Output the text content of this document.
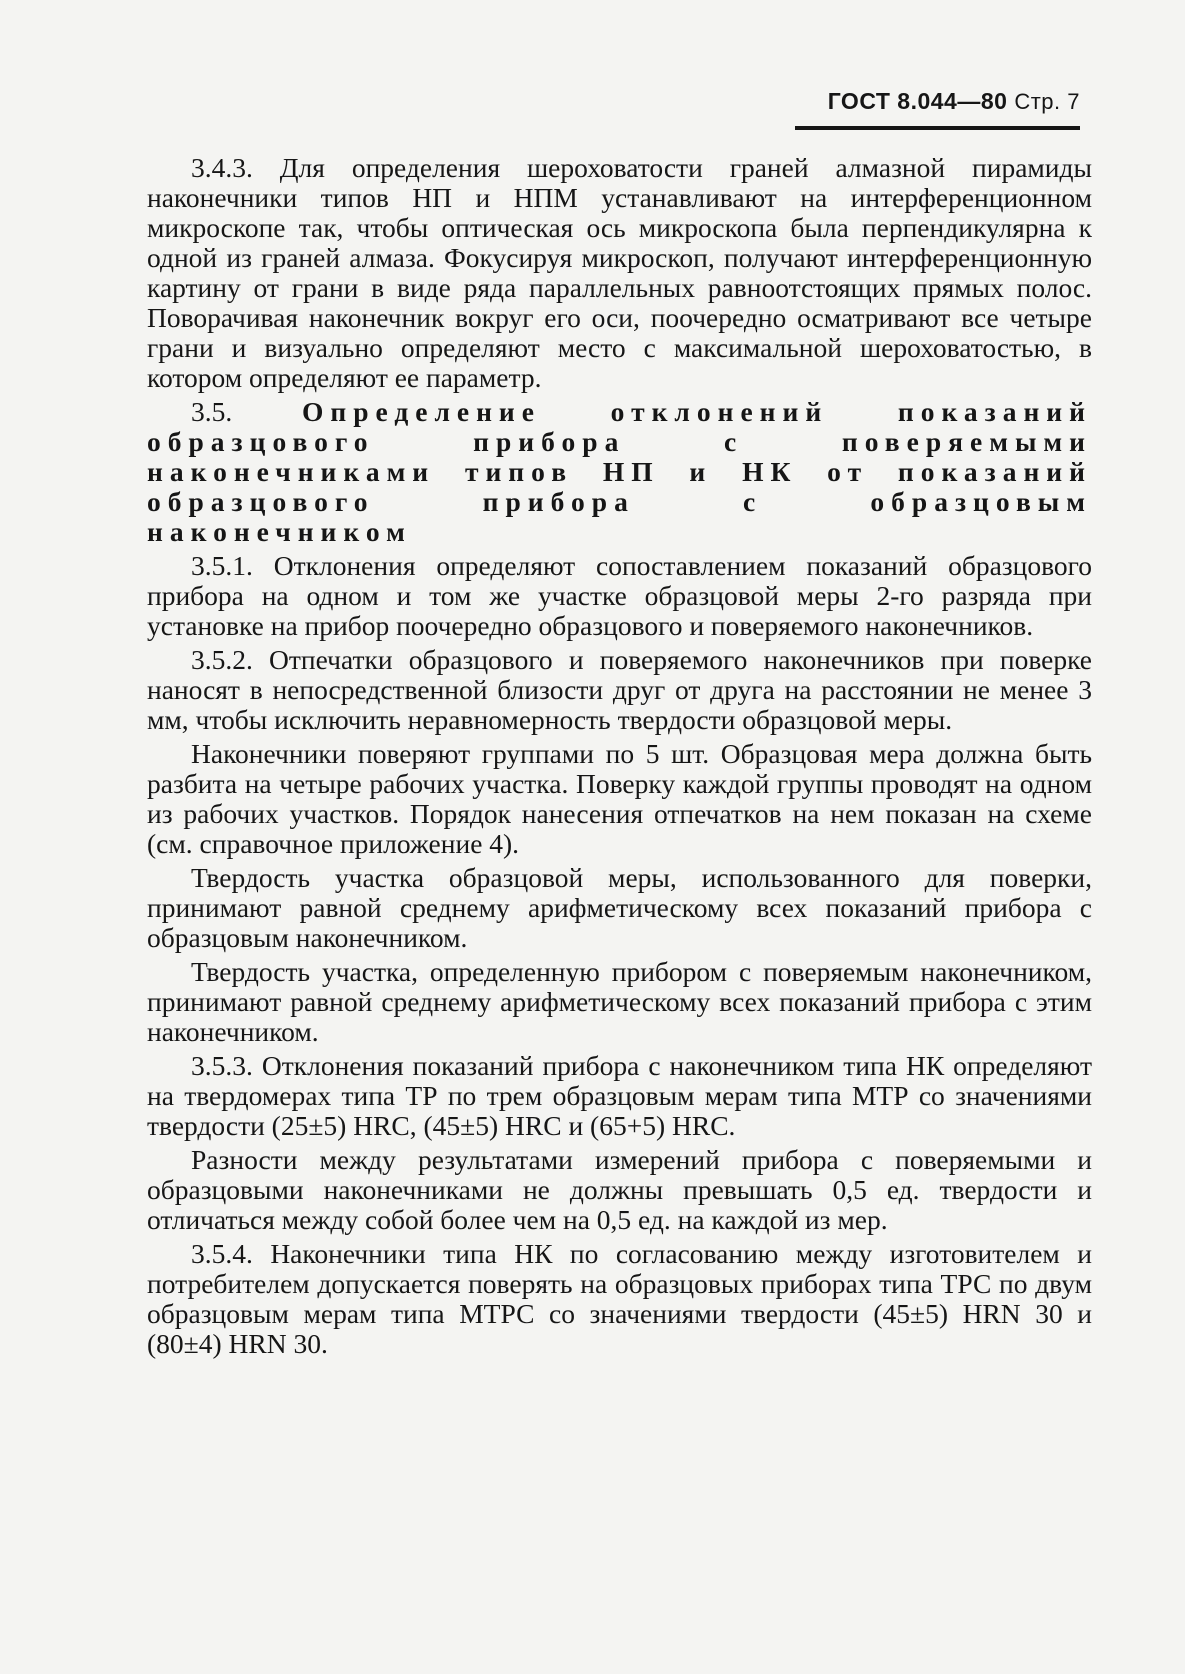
ГОСТ 8.044—80 Стр. 7

3.4.3. Для определения шероховатости граней алмазной пирамиды наконечники типов НП и НПМ устанавливают на интерференционном микроскопе так, чтобы оптическая ось микроскопа была перпендикулярна к одной из граней алмаза. Фокусируя микроскоп, получают интерференционную картину от грани в виде ряда параллельных равноотстоящих прямых полос. Поворачивая наконечник вокруг его оси, поочередно осматривают все четыре грани и визуально определяют место с максимальной шероховатостью, в котором определяют ее параметр.

3.5.	Определение отклонений показаний образцового прибора с поверяемыми наконечниками типов НП и НК от показаний образцового прибора с образцовым наконечником

3.5.1. Отклонения определяют сопоставлением показаний образцового прибора на одном и том же участке образцовой меры 2-го разряда при установке на прибор поочередно образцового и поверяемого наконечников.

3.5.2. Отпечатки образцового и поверяемого наконечников при поверке наносят в непосредственной близости друг от друга на расстоянии не менее 3 мм, чтобы исключить неравномерность твердости образцовой меры.

Наконечники поверяют группами по 5 шт. Образцовая мера должна быть разбита на четыре рабочих участка. Поверку каждой группы проводят на одном из рабочих участков. Порядок нанесения отпечатков на нем показан на схеме (см. справочное приложение 4).

Твердость участка образцовой меры, использованного для поверки, принимают равной среднему арифметическому всех показаний прибора с образцовым наконечником.

Твердость участка, определенную прибором с поверяемым наконечником, принимают равной среднему арифметическому всех показаний прибора с этим наконечником.

3.5.3. Отклонения показаний прибора с наконечником типа НК определяют на твердомерах типа ТР по трем образцовым мерам типа МТР со значениями твердости (25±5) HRC, (45±5) HRC и (65+5) HRC.

Разности между результатами измерений прибора с поверяемыми и образцовыми наконечниками не должны превышать 0,5 ед. твердости и отличаться между собой более чем на 0,5 ед. на каждой из мер.

3.5.4. Наконечники типа НК по согласованию между изготовителем и потребителем допускается поверять на образцовых приборах типа ТРС по двум образцовым мерам типа МТРС со значениями твердости (45±5) HRN 30 и (80±4) HRN 30.
